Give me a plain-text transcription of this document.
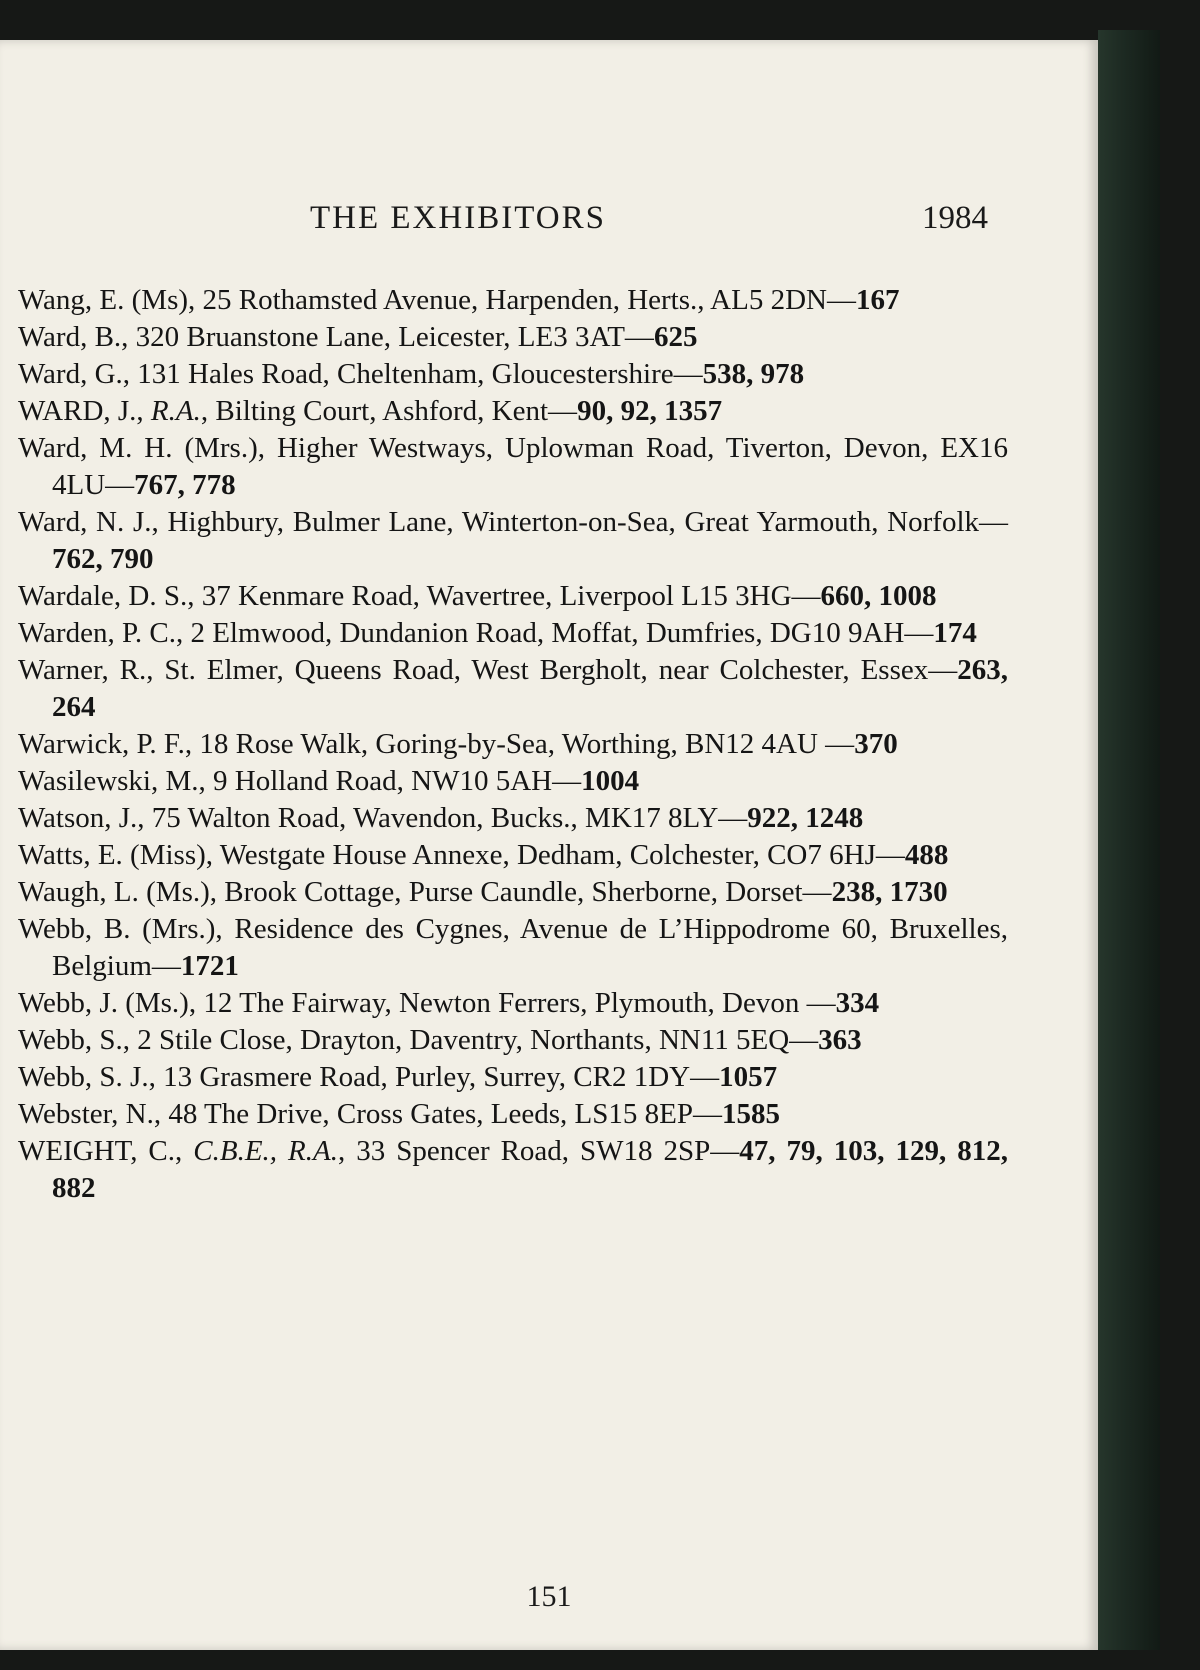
THE EXHIBITORS	1984
Wang, E. (Ms), 25 Rothamsted Avenue, Harpenden, Herts., AL5 2DN—167
Ward, B., 320 Bruanstone Lane, Leicester, LE3 3AT—625
Ward, G., 131 Hales Road, Cheltenham, Gloucestershire—538, 978
WARD, J., R.A., Bilting Court, Ashford, Kent—90, 92, 1357
Ward, M. H. (Mrs.), Higher Westways, Uplowman Road, Tiverton, Devon, EX16 4LU—767, 778
Ward, N. J., Highbury, Bulmer Lane, Winterton-on-Sea, Great Yarmouth, Norfolk—762, 790
Wardale, D. S., 37 Kenmare Road, Wavertree, Liverpool L15 3HG—660, 1008
Warden, P. C., 2 Elmwood, Dundanion Road, Moffat, Dumfries, DG10 9AH—174
Warner, R., St. Elmer, Queens Road, West Bergholt, near Colchester, Essex—263, 264
Warwick, P. F., 18 Rose Walk, Goring-by-Sea, Worthing, BN12 4AU —370
Wasilewski, M., 9 Holland Road, NW10 5AH—1004
Watson, J., 75 Walton Road, Wavendon, Bucks., MK17 8LY—922, 1248
Watts, E. (Miss), Westgate House Annexe, Dedham, Colchester, CO7 6HJ—488
Waugh, L. (Ms.), Brook Cottage, Purse Caundle, Sherborne, Dorset—238, 1730
Webb, B. (Mrs.), Residence des Cygnes, Avenue de L’Hippodrome 60, Bruxelles, Belgium—1721
Webb, J. (Ms.), 12 The Fairway, Newton Ferrers, Plymouth, Devon —334
Webb, S., 2 Stile Close, Drayton, Daventry, Northants, NN11 5EQ—363
Webb, S. J., 13 Grasmere Road, Purley, Surrey, CR2 1DY—1057
Webster, N., 48 The Drive, Cross Gates, Leeds, LS15 8EP—1585
WEIGHT, C., C.B.E., R.A., 33 Spencer Road, SW18 2SP—47, 79, 103, 129, 812, 882
151
